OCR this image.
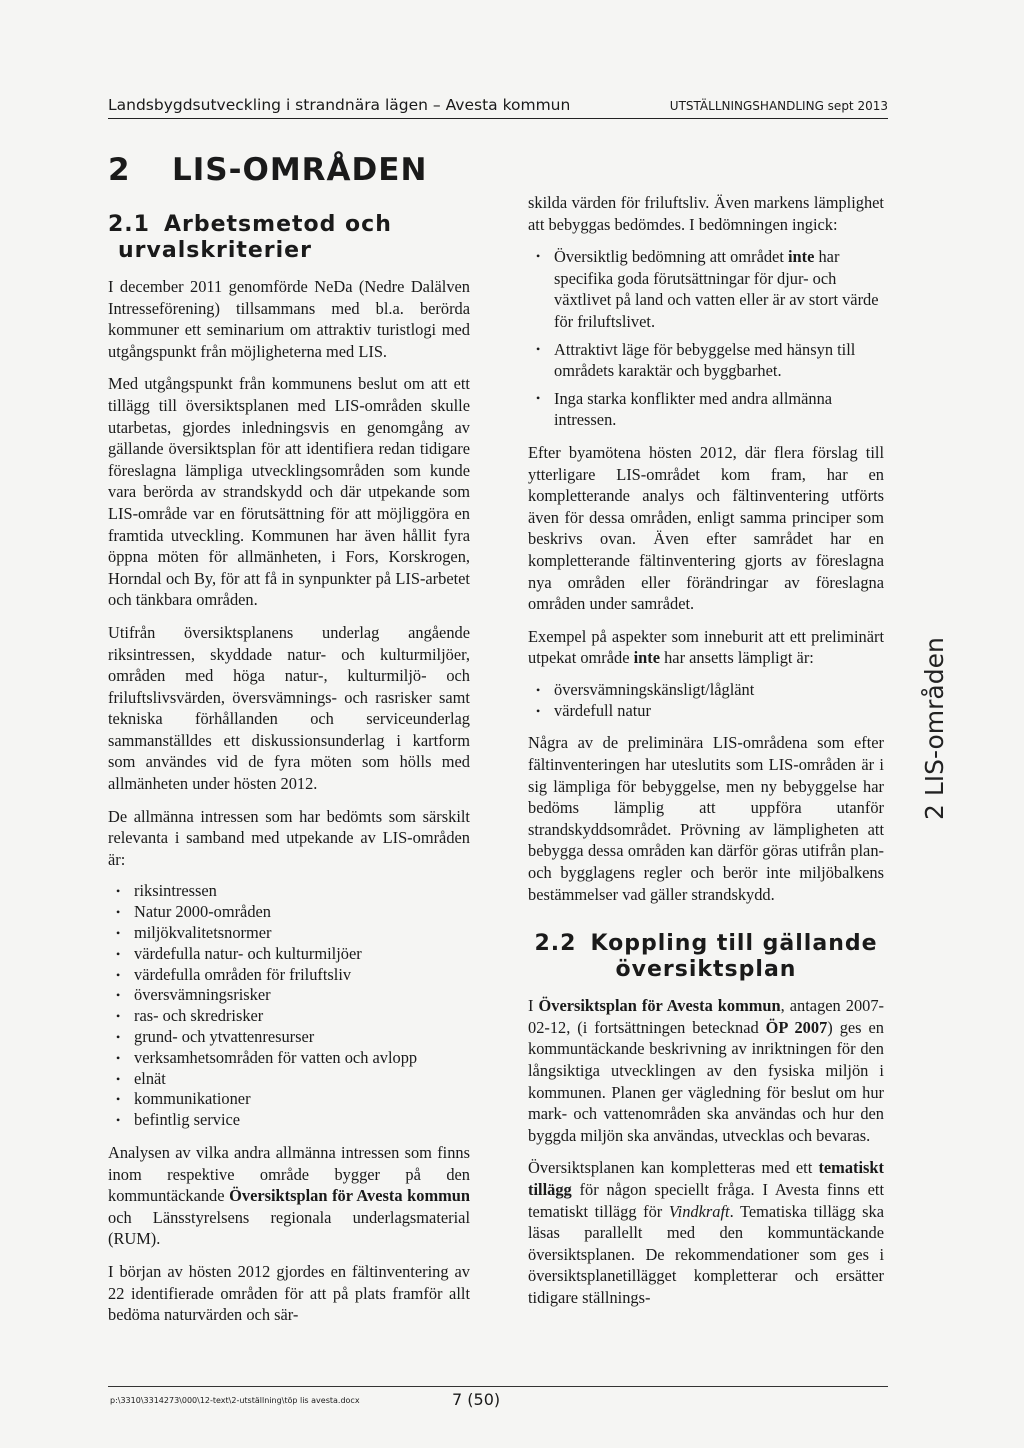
Landsbygdsutveckling i strandnära lägen – Avesta kommun	UTSTÄLLNINGSHANDLING sept 2013
2 LIS-OMRÅDEN
2.1 Arbetsmetod och
urvalskriterier

I december 2011 genomförde NeDa (Nedre Dalälven Intresseförening) tillsammans med bl.a. berörda kommuner ett seminarium om attraktiv turistlogi med utgångspunkt från möjligheterna med LIS.

Med utgångspunkt från kommunens beslut om att ett tillägg till översiktsplanen med LIS-områden skulle utarbetas, gjordes inledningsvis en genomgång av gällande översiktsplan för att identifiera redan tidigare föreslagna lämpliga utvecklingsområden som kunde vara berörda av strandskydd och där utpekande som LIS-område var en förutsättning för att möjliggöra en framtida utveckling. Kommunen har även hållit fyra öppna möten för allmänheten, i Fors, Korskrogen, Horndal och By, för att få in synpunkter på LIS-arbetet och tänkbara områden.

Utifrån översiktsplanens underlag angående riksintressen, skyddade natur- och kulturmiljöer, områden med höga natur-, kulturmiljö- och friluftslivsvärden, översvämnings- och rasrisker samt tekniska förhållanden och serviceunderlag sammanställdes ett diskussionsunderlag i kartform som användes vid de fyra möten som hölls med allmänheten under hösten 2012.

De allmänna intressen som har bedömts som särskilt relevanta i samband med utpekande av LIS-områden är:

• riksintressen
• Natur 2000-områden
• miljökvalitetsnormer
• värdefulla natur- och kulturmiljöer
• värdefulla områden för friluftsliv
• översvämningsrisker
• ras- och skredrisker
• grund- och ytvattenresurser
• verksamhetsområden för vatten och avlopp
• elnät
• kommunikationer
• befintlig service

Analysen av vilka andra allmänna intressen som finns inom respektive område bygger på den kommuntäckande Översiktsplan för Avesta kommun och Länsstyrelsens regionala underlagsmaterial (RUM).

I början av hösten 2012 gjordes en fältinventering av 22 identifierade områden för att på plats framför allt bedöma naturvärden och sär-

skilda värden för friluftsliv. Även markens lämplighet att bebyggas bedömdes. I bedömningen ingick:

• Översiktlig bedömning att området inte har specifika goda förutsättningar för djur- och växtlivet på land och vatten eller är av stort värde för friluftslivet.
• Attraktivt läge för bebyggelse med hänsyn till områdets karaktär och byggbarhet.
• Inga starka konflikter med andra allmänna intressen.

Efter byamötena hösten 2012, där flera förslag till ytterligare LIS-området kom fram, har en kompletterande analys och fältinventering utförts även för dessa områden, enligt samma principer som beskrivs ovan. Även efter samrådet har en kompletterande fältinventering gjorts av föreslagna nya områden eller förändringar av föreslagna områden under samrådet.

Exempel på aspekter som inneburit att ett preliminärt utpekat område inte har ansetts lämpligt är:

• översvämningskänsligt/låglänt
• värdefull natur

Några av de preliminära LIS-områdena som efter fältinventeringen har uteslutits som LIS-områden är i sig lämpliga för bebyggelse, men ny bebyggelse har bedöms lämplig att uppföra utanför strandskyddsområdet. Prövning av lämpligheten att bebygga dessa områden kan därför göras utifrån plan- och bygglagens regler och berör inte miljöbalkens bestämmelser vad gäller strandskydd.

2.2 Koppling till gällande
översiktsplan

I Översiktsplan för Avesta kommun, antagen 2007-02-12, (i fortsättningen betecknad ÖP 2007) ges en kommuntäckande beskrivning av inriktningen för den långsiktiga utvecklingen av den fysiska miljön i kommunen. Planen ger vägledning för beslut om hur mark- och vattenområden ska användas och hur den byggda miljön ska användas, utvecklas och bevaras.

Översiktsplanen kan kompletteras med ett tematiskt tillägg för någon speciellt fråga. I Avesta finns ett tematiskt tillägg för Vindkraft. Tematiska tillägg ska läsas parallellt med den kommuntäckande översiktsplanen. De rekommendationer som ges i översiktsplanetillägget kompletterar och ersätter tidigare ställnings-

2 LIS-områden
p:\3310\3314273\000\12-text\2-utställning\töp lis avesta.docx	7 (50)
